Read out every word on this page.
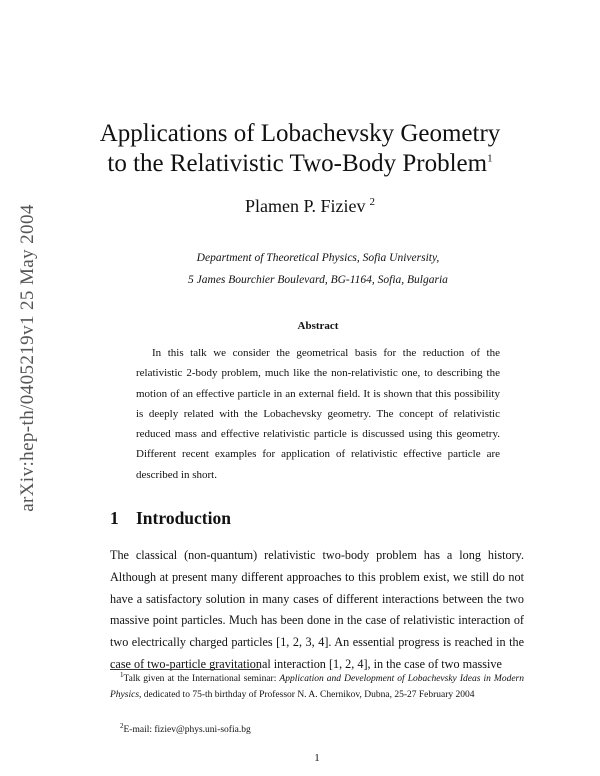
arXiv:hep-th/0405219v1 25 May 2004
Applications of Lobachevsky Geometry
to the Relativistic Two-Body Problem$^1$
Plamen P. Fiziev $^2$
Department of Theoretical Physics, Sofia University,
5 James Bourchier Boulevard, BG-1164, Sofia, Bulgaria
Abstract
In this talk we consider the geometrical basis for the reduction of the relativistic 2-body problem, much like the non-relativistic one, to describing the motion of an effective particle in an external field. It is shown that this possibility is deeply related with the Lobachevsky geometry. The concept of relativistic reduced mass and effective relativistic particle is discussed using this geometry. Different recent examples for application of relativistic effective particle are described in short.
1 Introduction
The classical (non-quantum) relativistic two-body problem has a long history. Although at present many different approaches to this problem exist, we still do not have a satisfactory solution in many cases of different interactions between the two massive point particles. Much has been done in the case of relativistic interaction of two electrically charged particles [1, 2, 3, 4]. An essential progress is reached in the case of two-particle gravitational interaction [1, 2, 4], in the case of two massive
$^1$Talk given at the International seminar: Application and Development of Lobachevsky Ideas in Modern Physics, dedicated to 75-th birthday of Professor N. A. Chernikov, Dubna, 25-27 February 2004
$^2$E-mail: fiziev@phys.uni-sofia.bg
1
